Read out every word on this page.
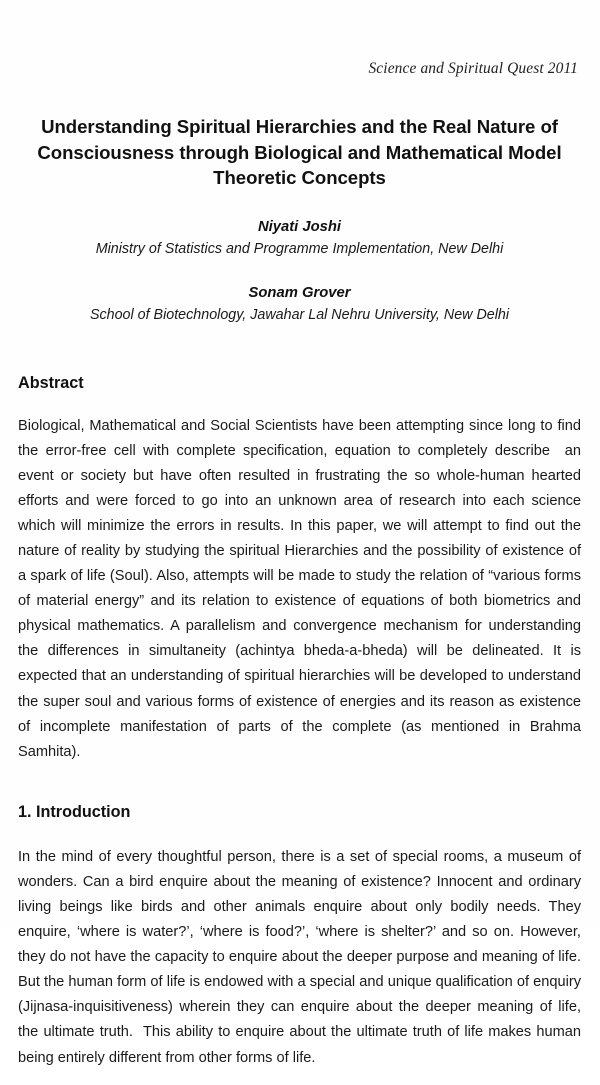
Science and Spiritual Quest 2011
Understanding Spiritual Hierarchies and the Real Nature of Consciousness through Biological and Mathematical Model Theoretic Concepts
Niyati Joshi
Ministry of Statistics and Programme Implementation, New Delhi
Sonam Grover
School of Biotechnology, Jawahar Lal Nehru University, New Delhi
Abstract

Biological, Mathematical and Social Scientists have been attempting since long to find the error-free cell with complete specification, equation to completely describe  an event or society but have often resulted in frustrating the so whole-human hearted efforts and were forced to go into an unknown area of research into each science which will minimize the errors in results. In this paper, we will attempt to find out the nature of reality by studying the spiritual Hierarchies and the possibility of existence of a spark of life (Soul). Also, attempts will be made to study the relation of “various forms of material energy” and its relation to existence of equations of both biometrics and physical mathematics. A parallelism and convergence mechanism for understanding the differences in simultaneity (achintya bheda-a-bheda) will be delineated. It is expected that an understanding of spiritual hierarchies will be developed to understand the super soul and various forms of existence of energies and its reason as existence of incomplete manifestation of parts of the complete (as mentioned in Brahma Samhita).

1. Introduction

In the mind of every thoughtful person, there is a set of special rooms, a museum of wonders. Can a bird enquire about the meaning of existence? Innocent and ordinary living beings like birds and other animals enquire about only bodily needs. They enquire, ‘where is water?’, ‘where is food?’, ‘where is shelter?’ and so on. However, they do not have the capacity to enquire about the deeper purpose and meaning of life. But the human form of life is endowed with a special and unique qualification of enquiry (Jijnasa-inquisitiveness) wherein they can enquire about the deeper meaning of life, the ultimate truth.  This ability to enquire about the ultimate truth of life makes human being entirely different from other forms of life.
